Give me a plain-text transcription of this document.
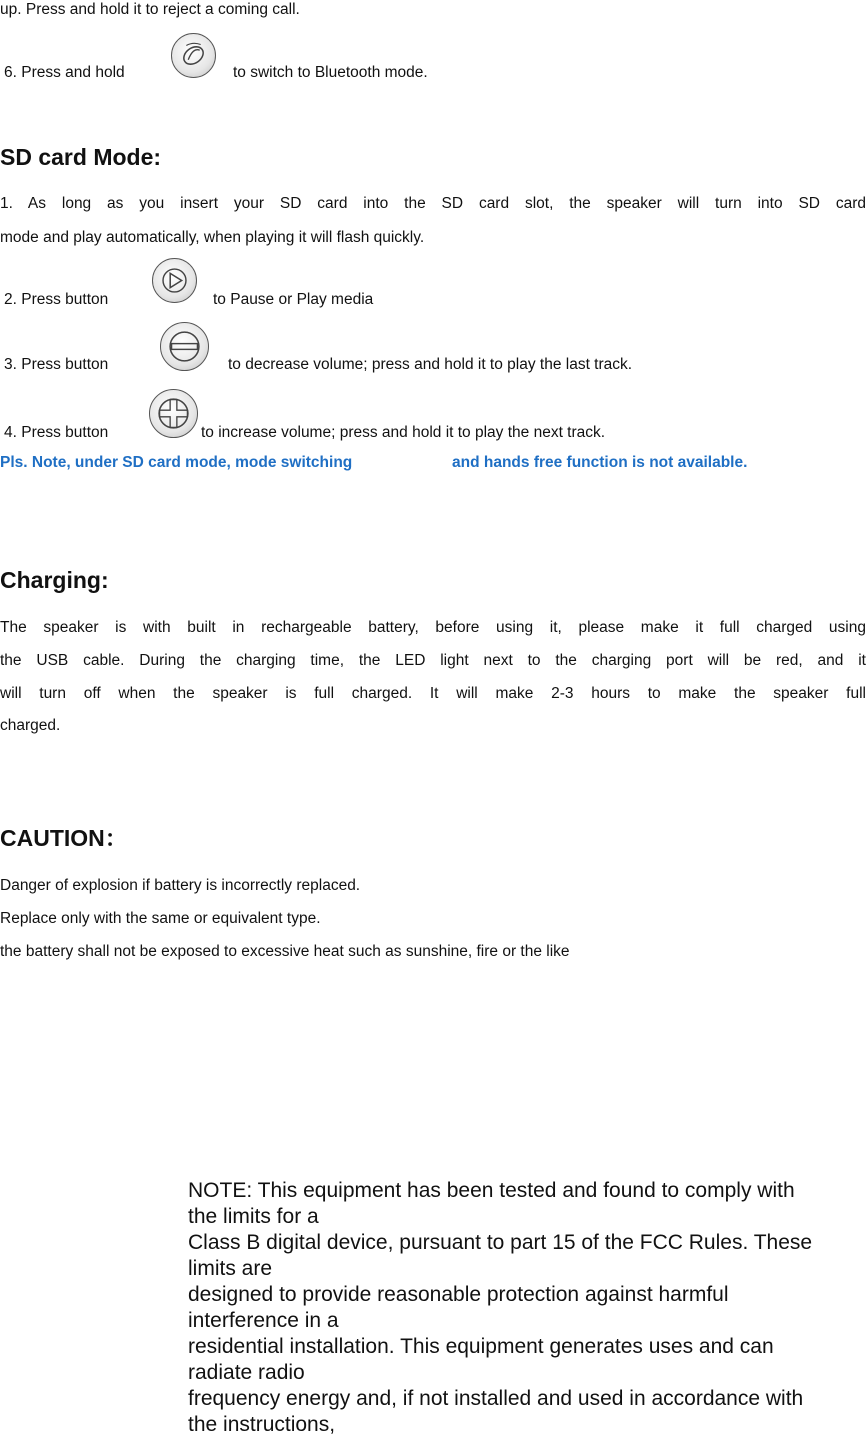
up. Press and hold it to reject a coming call.
6. Press and hold	to switch to Bluetooth mode.
SD card Mode:
1. As long as you insert your SD card into the SD card slot, the speaker will turn into SD card
mode and play automatically, when playing it will flash quickly.
2. Press button	to Pause or Play media
3. Press button	to decrease volume; press and hold it to play the last track.
4. Press button	to increase volume; press and hold it to play the next track.
Pls. Note, under SD card mode, mode switching	and hands free function is not available.
Charging:
The speaker is with built in rechargeable battery, before using it, please make it full charged using
the USB cable. During the charging time, the LED light next to the charging port will be red, and it
will turn off when the speaker is full charged. It will make 2-3 hours to make the speaker full
charged.
CAUTION：
Danger of explosion if battery is incorrectly replaced.
Replace only with the same or equivalent type.
the battery shall not be exposed to excessive heat such as sunshine, fire or the like
NOTE: This equipment has been tested and found to comply with
the limits for a
Class B digital device, pursuant to part 15 of the FCC Rules. These
limits are
designed to provide reasonable protection against harmful
interference in a
residential installation. This equipment generates uses and can
radiate radio
frequency energy and, if not installed and used in accordance with
the instructions,
